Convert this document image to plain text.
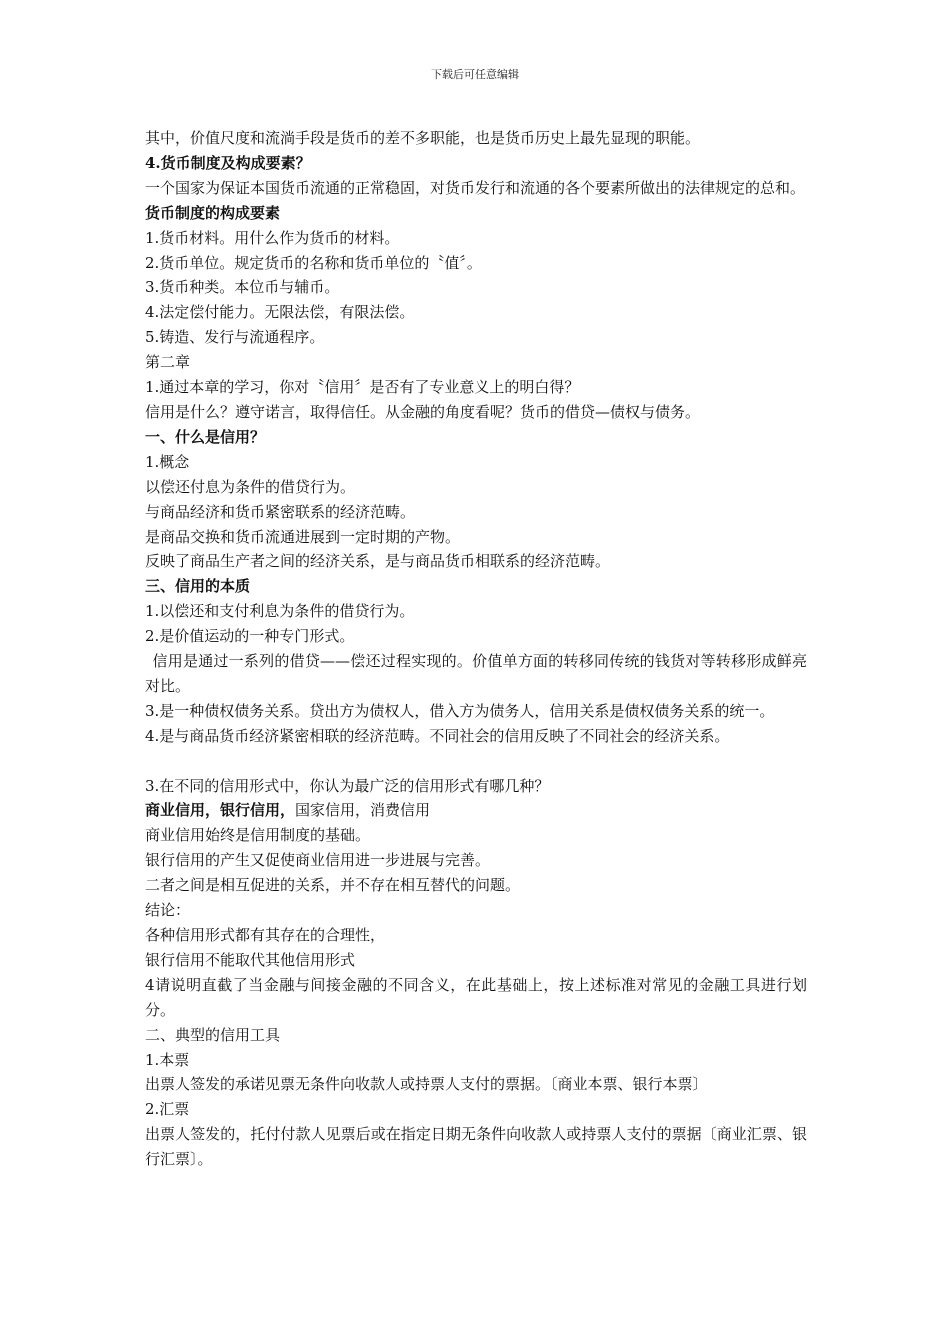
下载后可任意编辑

其中，价值尺度和流淌手段是货币的差不多职能，也是货币历史上最先显现的职能。

4.货币制度及构成要素？

一个国家为保证本国货币流通的正常稳固，对货币发行和流通的各个要素所做出的法律规定的总和。

货币制度的构成要素

1.货币材料。用什么作为货币的材料。

2.货币单位。规定货币的名称和货币单位的〝值〞。

3.货币种类。本位币与辅币。

4.法定偿付能力。无限法偿，有限法偿。

5.铸造、发行与流通程序。

第二章

1.通过本章的学习，你对〝信用〞是否有了专业意义上的明白得？

信用是什么？遵守诺言，取得信任。从金融的角度看呢？货币的借贷—债权与债务。

一、什么是信用？

1.概念

以偿还付息为条件的借贷行为。

与商品经济和货币紧密联系的经济范畴。

是商品交换和货币流通进展到一定时期的产物。

反映了商品生产者之间的经济关系，是与商品货币相联系的经济范畴。

三、信用的本质

1.以偿还和支付利息为条件的借贷行为。

2.是价值运动的一种专门形式。

信用是通过一系列的借贷——偿还过程实现的。价值单方面的转移同传统的钱货对等转移形成鲜亮对比。

3.是一种债权债务关系。贷出方为债权人，借入方为债务人，信用关系是债权债务关系的统一。

4.是与商品货币经济紧密相联的经济范畴。不同社会的信用反映了不同社会的经济关系。

3.在不同的信用形式中，你认为最广泛的信用形式有哪几种？

商业信用，银行信用，国家信用，消费信用

商业信用始终是信用制度的基础。

银行信用的产生又促使商业信用进一步进展与完善。

二者之间是相互促进的关系，并不存在相互替代的问题。

结论：

各种信用形式都有其存在的合理性，

银行信用不能取代其他信用形式

4请说明直截了当金融与间接金融的不同含义，在此基础上，按上述标准对常见的金融工具进行划分。

二、典型的信用工具

1.本票

出票人签发的承诺见票无条件向收款人或持票人支付的票据。〔商业本票、银行本票〕

2.汇票

出票人签发的，托付付款人见票后或在指定日期无条件向收款人或持票人支付的票据〔商业汇票、银行汇票〕。
